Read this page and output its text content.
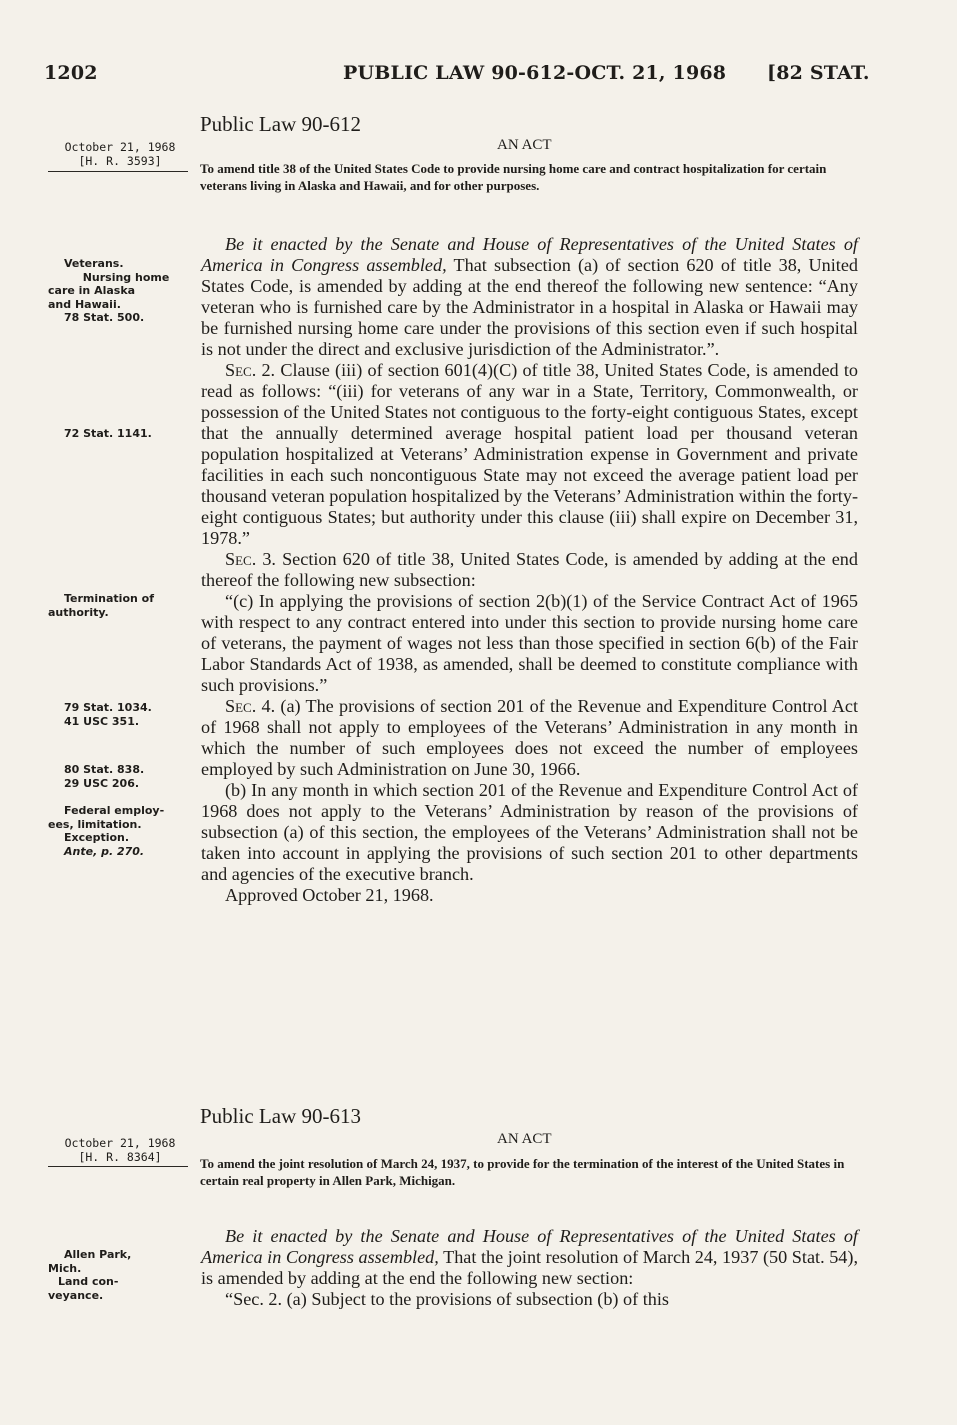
1202	PUBLIC LAW 90-612-OCT. 21, 1968 [82 STAT.
Public Law 90-612
AN ACT
October 21, 1968
[H. R. 3593]	To amend title 38 of the United States Code to provide nursing home care and contract hospitalization for certain veterans living in Alaska and Hawaii, and for other purposes.
Veterans.
Nursing home
care in Alaska
and Hawaii.
78 Stat. 500.
72 Stat. 1141.
Termination of
authority.
79 Stat. 1034.
41 USC 351.
80 Stat. 838.
29 USC 206.
Federal employ-
ees, limitation.
Exception.
Ante, p. 270.

Be it enacted by the Senate and House of Representatives of the United States of America in Congress assembled, That subsection (a) of section 620 of title 38, United States Code, is amended by adding at the end thereof the following new sentence: “Any veteran who is furnished care by the Administrator in a hospital in Alaska or Hawaii may be furnished nursing home care under the provisions of this section even if such hospital is not under the direct and exclusive jurisdiction of the Administrator.”.

Sec. 2. Clause (iii) of section 601(4)(C) of title 38, United States Code, is amended to read as follows: “(iii) for veterans of any war in a State, Territory, Commonwealth, or possession of the United States not contiguous to the forty-eight contiguous States, except that the annually determined average hospital patient load per thousand veteran population hospitalized at Veterans’ Administration expense in Government and private facilities in each such noncontiguous State may not exceed the average patient load per thousand veteran population hospitalized by the Veterans’ Administration within the forty-eight contiguous States; but authority under this clause (iii) shall expire on December 31, 1978.”

Sec. 3. Section 620 of title 38, United States Code, is amended by adding at the end thereof the following new subsection:

“(c) In applying the provisions of section 2(b)(1) of the Service Contract Act of 1965 with respect to any contract entered into under this section to provide nursing home care of veterans, the payment of wages not less than those specified in section 6(b) of the Fair Labor Standards Act of 1938, as amended, shall be deemed to constitute compliance with such provisions.”

Sec. 4. (a) The provisions of section 201 of the Revenue and Expenditure Control Act of 1968 shall not apply to employees of the Veterans’ Administration in any month in which the number of such employees does not exceed the number of employees employed by such Administration on June 30, 1966.

(b) In any month in which section 201 of the Revenue and Expenditure Control Act of 1968 does not apply to the Veterans’ Administration by reason of the provisions of subsection (a) of this section, the employees of the Veterans’ Administration shall not be taken into account in applying the provisions of such section 201 to other departments and agencies of the executive branch.

Approved October 21, 1968.

Public Law 90-613
AN ACT
October 21, 1968
[H. R. 8364]	To amend the joint resolution of March 24, 1937, to provide for the termination of the interest of the United States in certain real property in Allen Park, Michigan.
Allen Park,
Mich.
Land con-
veyance.

Be it enacted by the Senate and House of Representatives of the United States of America in Congress assembled, That the joint resolution of March 24, 1937 (50 Stat. 54), is amended by adding at the end the following new section:

“Sec. 2. (a) Subject to the provisions of subsection (b) of this
